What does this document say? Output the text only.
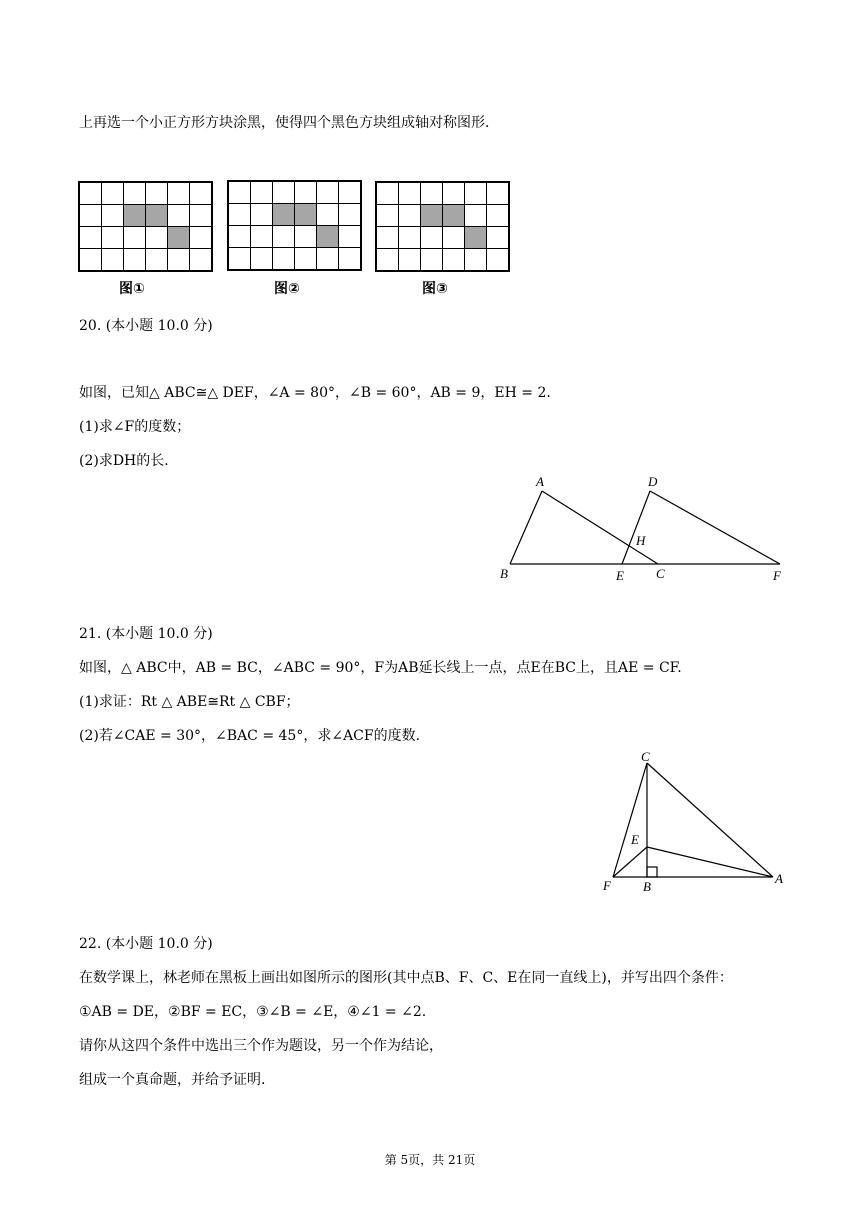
上再选一个小正方形方块涂黑，使得四个黑色方块组成轴对称图形.

图①	图②	图③
20. (本小题 10.0 分)
如图，已知△ ABC≅△ DEF，∠A = 80°，∠B = 60°，AB = 9，EH = 2.
(1)求∠F的度数；
(2)求DH的长.
A
B	C
D
E	F
H
21. (本小题 10.0 分)
如图，△ ABC中，AB = BC，∠ABC = 90°，F为AB延长线上一点，点E在BC上，且AE = CF.
(1)求证：Rt △ ABE≅Rt △ CBF；
(2)若∠CAE = 30°，∠BAC = 45°，求∠ACF的度数.
C
E
F B
A
22. (本小题 10.0 分)
在数学课上，林老师在黑板上画出如图所示的图形(其中点B、F、C、E在同一直线上)，并写出四个条件：
①AB = DE，②BF = EC，③∠B = ∠E，④∠1 = ∠2.
请你从这四个条件中选出三个作为题设，另一个作为结论，
组成一个真命题，并给予证明.
第 5页，共 21页
